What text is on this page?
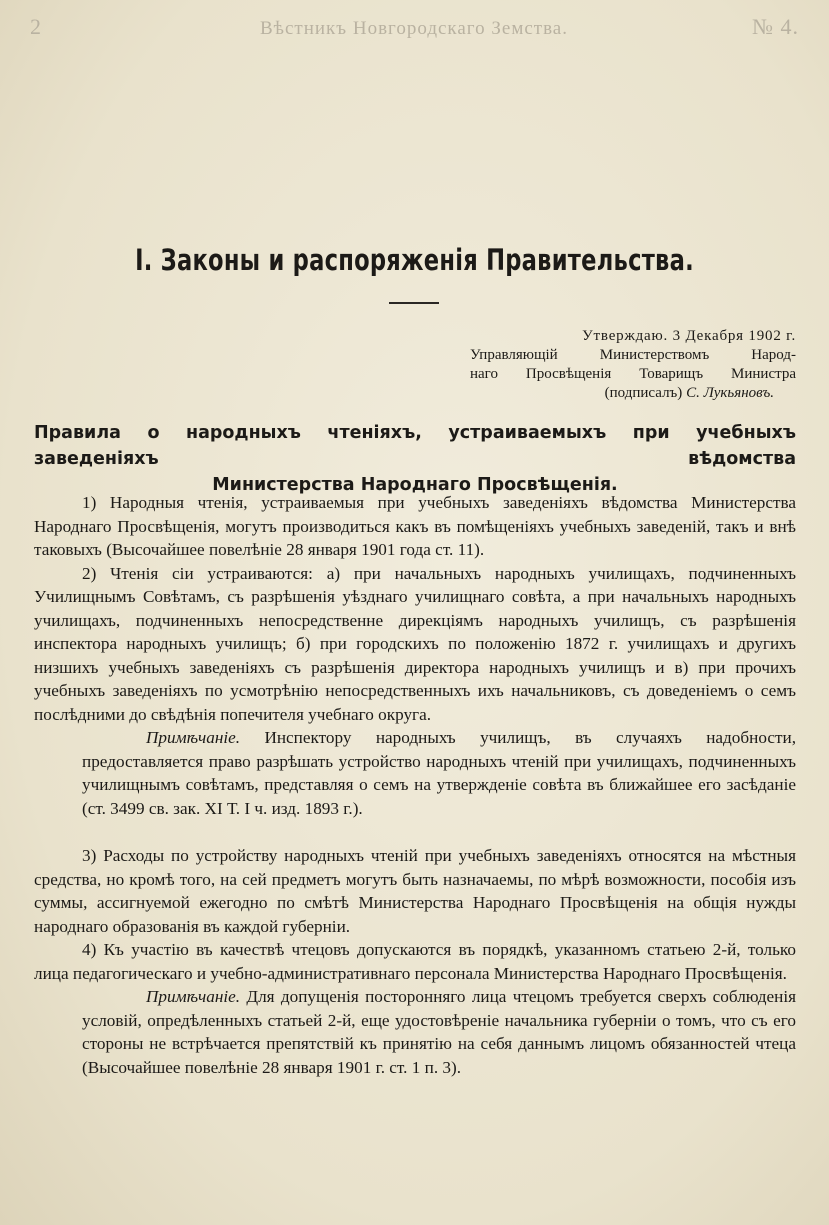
2	Вѣстникъ Новгородскаго Земства.	№ 4.
I. Законы и распоряженія Правительства.
Утверждаю. 3 Декабря 1902 г.
Управляющій Министерствомъ Народ-
наго Просвѣщенія Товарищъ Министра
(подписалъ) С. Лукьяновъ.
Правила о народныхъ чтеніяхъ, устраиваемыхъ при учебныхъ заведеніяхъ вѣдомства
Министерства Народнаго Просвѣщенія.

1) Народныя чтенія, устраиваемыя при учебныхъ заведеніяхъ вѣдомства Министерства Народнаго Просвѣщенія, могутъ производиться какъ въ помѣщеніяхъ учебныхъ заведеній, такъ и внѣ таковыхъ (Высочайшее повелѣніе 28 января 1901 года ст. 11).

2) Чтенія сіи устраиваются: а) при начальныхъ народныхъ училищахъ, подчиненныхъ Училищнымъ Совѣтамъ, съ разрѣшенія уѣзднаго училищнаго совѣта, а при начальныхъ народныхъ училищахъ, подчиненныхъ непосредственне дирекціямъ народныхъ училищъ, съ разрѣшенія инспектора народныхъ училищъ; б) при городскихъ по положенію 1872 г. училищахъ и другихъ низшихъ учебныхъ заведеніяхъ съ разрѣшенія директора народныхъ училищъ и в) при прочихъ учебныхъ заведеніяхъ по усмотрѣнію непосредственныхъ ихъ начальниковъ, съ доведеніемъ о семъ послѣдними до свѣдѣнія попечителя учебнаго округа.

Примѣчаніе. Инспектору народныхъ училищъ, въ случаяхъ надобности, предоставляется право разрѣшать устройство народныхъ чтеній при училищахъ, подчиненныхъ училищнымъ совѣтамъ, представляя о семъ на утвержденіе совѣта въ ближайшее его засѣданіе (ст. 3499 св. зак. XI Т. I ч. изд. 1893 г.).

3) Расходы по устройству народныхъ чтеній при учебныхъ заведеніяхъ относятся на мѣстныя средства, но кромѣ того, на сей предметъ могутъ быть назначаемы, по мѣрѣ возможности, пособія изъ суммы, ассигнуемой ежегодно по смѣтѣ Министерства Народнаго Просвѣщенія на общія нужды народнаго образованія въ каждой губерніи.

4) Къ участію въ качествѣ чтецовъ допускаются въ порядкѣ, указанномъ статьею 2-й, только лица педагогическаго и учебно-административнаго персонала Министерства Народнаго Просвѣщенія.

Примѣчаніе. Для допущенія посторонняго лица чтецомъ требуется сверхъ соблюденія условій, опредѣленныхъ статьей 2-й, еще удостовѣреніе начальника губерніи о томъ, что съ его стороны не встрѣчается препятствій къ принятію на себя даннымъ лицомъ обязанностей чтеца (Высочайшее повелѣніе 28 января 1901 г. ст. 1 п. 3).
